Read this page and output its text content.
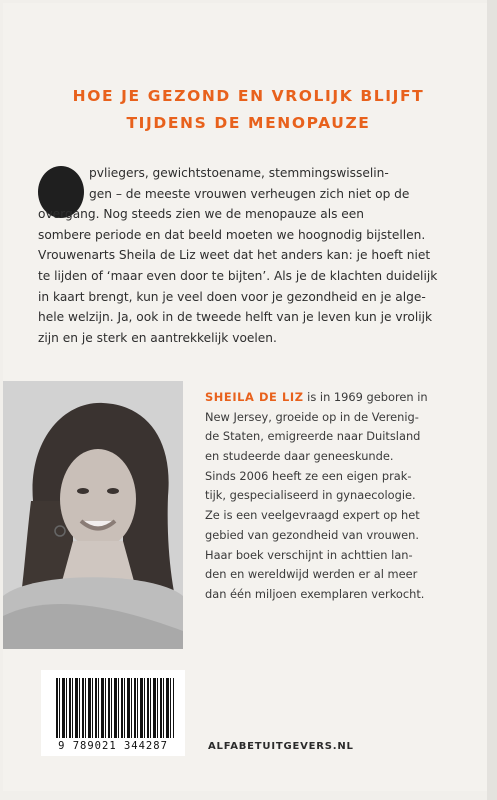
HOE JE GEZOND EN VROLIJK BLIJFT
TIJDENS DE MENOPAUZE
pvliegers, gewichtstoename, stemmingswisselin-
gen – de meeste vrouwen verheugen zich niet op de
overgang. Nog steeds zien we de menopauze als een
sombere periode en dat beeld moeten we hoognodig bijstellen.
Vrouwenarts Sheila de Liz weet dat het anders kan: je hoeft niet
te lijden of ‘maar even door te bijten’. Als je de klachten duidelijk
in kaart brengt, kun je veel doen voor je gezondheid en je alge-
hele welzijn. Ja, ook in de tweede helft van je leven kun je vrolijk
zijn en je sterk en aantrekkelijk voelen.
SHEILA DE LIZ is in 1969 geboren in
New Jersey, groeide op in de Verenig-
de Staten, emigreerde naar Duitsland
en studeerde daar geneeskunde.
Sinds 2006 heeft ze een eigen prak-
tijk, gespecialiseerd in gynaecologie.
Ze is een veelgevraagd expert op het
gebied van gezondheid van vrouwen.
Haar boek verschijnt in achttien lan-
den en wereldwijd werden er al meer
dan één miljoen exemplaren verkocht.
9 789021 344287	ALFABETUITGEVERS.NL
